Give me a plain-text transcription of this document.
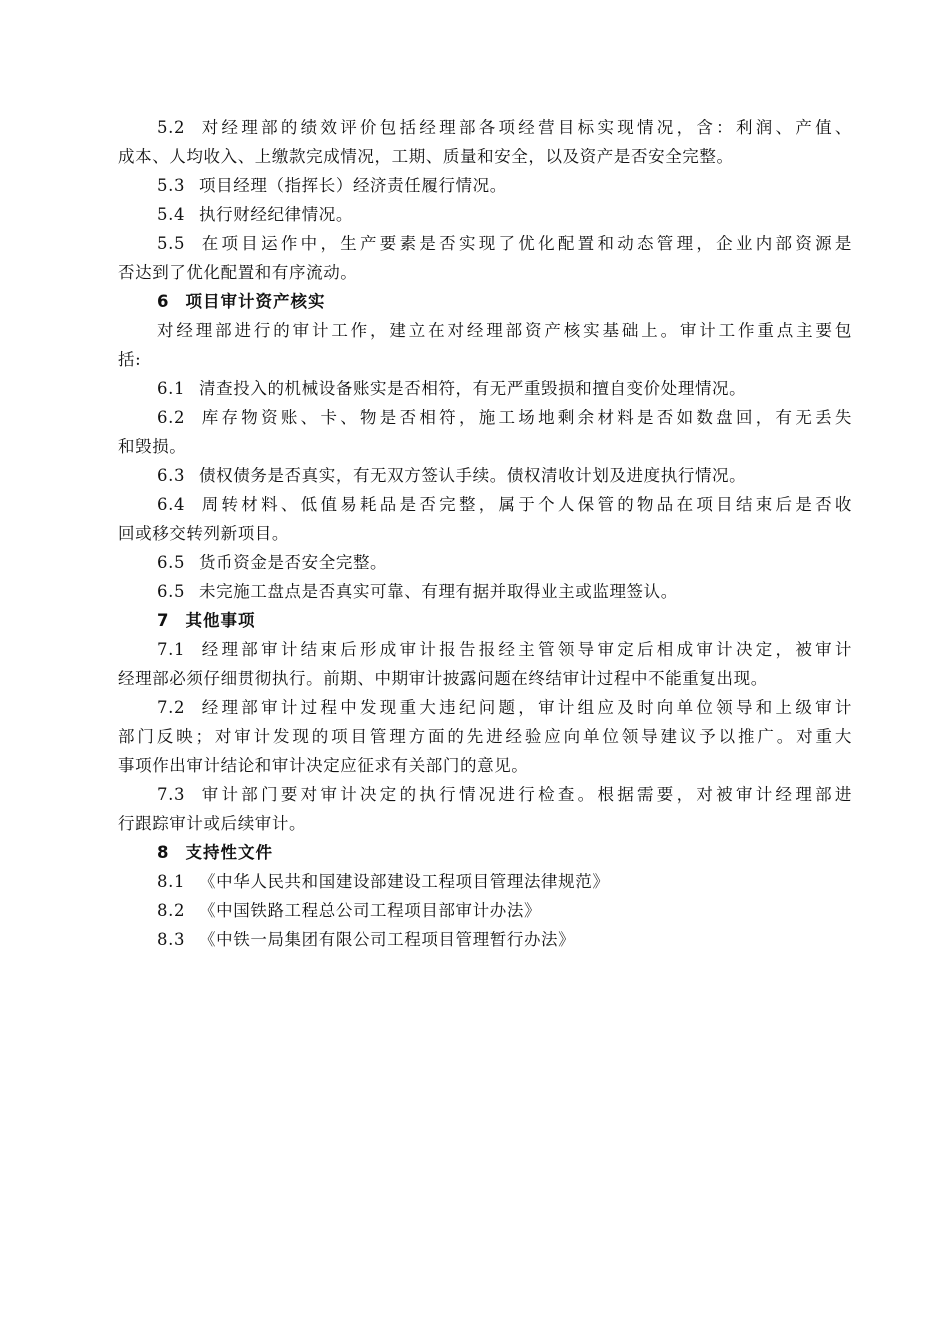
5.2 对经理部的绩效评价包括经理部各项经营目标实现情况，含：利润、产值、
成本、人均收入、上缴款完成情况，工期、质量和安全，以及资产是否安全完整。
5.3 项目经理（指挥长）经济责任履行情况。
5.4 执行财经纪律情况。
5.5 在项目运作中，生产要素是否实现了优化配置和动态管理，企业内部资源是
否达到了优化配置和有序流动。
6 项目审计资产核实
对经理部进行的审计工作，建立在对经理部资产核实基础上。审计工作重点主要包
括:
6.1 清查投入的机械设备账实是否相符，有无严重毁损和擅自变价处理情况。
6.2 库存物资账、卡、物是否相符，施工场地剩余材料是否如数盘回，有无丢失
和毁损。
6.3 债权债务是否真实，有无双方签认手续。债权清收计划及进度执行情况。
6.4 周转材料、低值易耗品是否完整，属于个人保管的物品在项目结束后是否收
回或移交转列新项目。
6.5 货币资金是否安全完整。
6.5 未完施工盘点是否真实可靠、有理有据并取得业主或监理签认。
7 其他事项
7.1 经理部审计结束后形成审计报告报经主管领导审定后相成审计决定，被审计
经理部必须仔细贯彻执行。前期、中期审计披露问题在终结审计过程中不能重复出现。
7.2 经理部审计过程中发现重大违纪问题，审计组应及时向单位领导和上级审计
部门反映；对审计发现的项目管理方面的先进经验应向单位领导建议予以推广。对重大
事项作出审计结论和审计决定应征求有关部门的意见。
7.3 审计部门要对审计决定的执行情况进行检查。根据需要，对被审计经理部进
行跟踪审计或后续审计。
8 支持性文件
8.1 《中华人民共和国建设部建设工程项目管理法律规范》
8.2 《中国铁路工程总公司工程项目部审计办法》
8.3 《中铁一局集团有限公司工程项目管理暂行办法》
